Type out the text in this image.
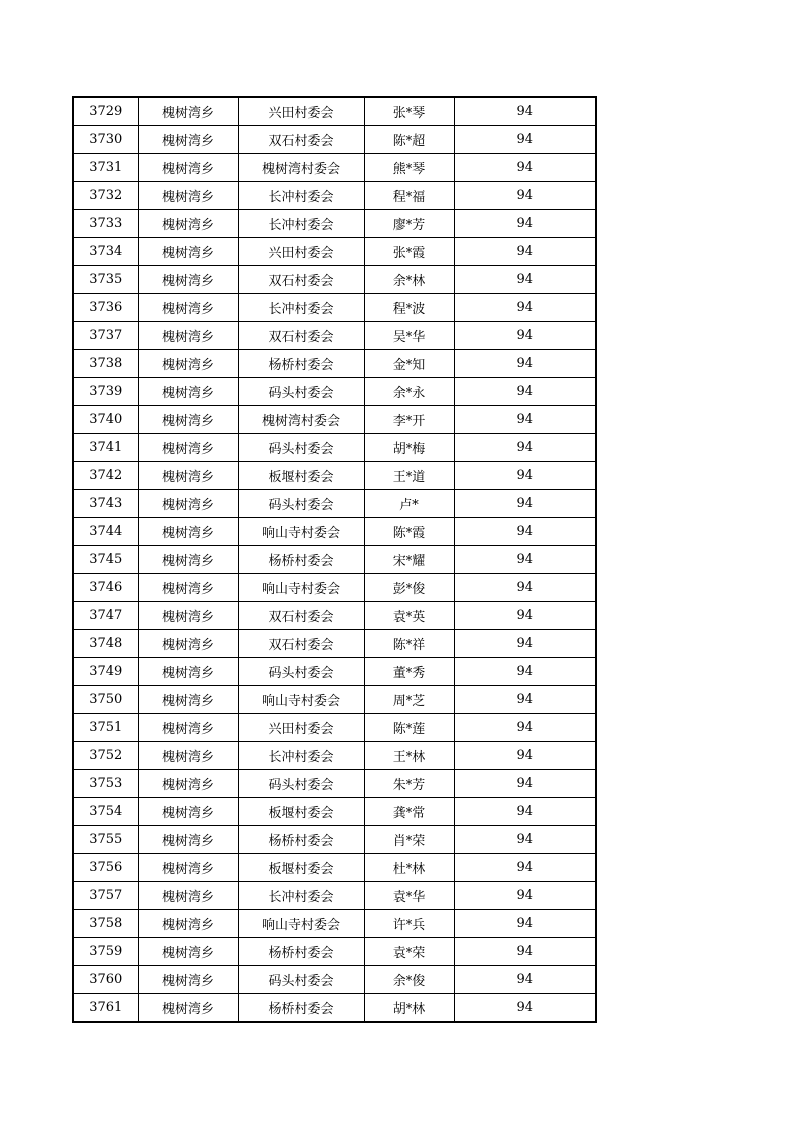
3729	槐树湾乡	兴田村委会	张*琴	94
3730	槐树湾乡	双石村委会	陈*超	94
3731	槐树湾乡	槐树湾村委会	熊*琴	94
3732	槐树湾乡	长冲村委会	程*福	94
3733	槐树湾乡	长冲村委会	廖*芳	94
3734	槐树湾乡	兴田村委会	张*霞	94
3735	槐树湾乡	双石村委会	余*林	94
3736	槐树湾乡	长冲村委会	程*波	94
3737	槐树湾乡	双石村委会	吴*华	94
3738	槐树湾乡	杨桥村委会	金*知	94
3739	槐树湾乡	码头村委会	余*永	94
3740	槐树湾乡	槐树湾村委会	李*开	94
3741	槐树湾乡	码头村委会	胡*梅	94
3742	槐树湾乡	板堰村委会	王*道	94
3743	槐树湾乡	码头村委会	卢*	94
3744	槐树湾乡	响山寺村委会	陈*霞	94
3745	槐树湾乡	杨桥村委会	宋*耀	94
3746	槐树湾乡	响山寺村委会	彭*俊	94
3747	槐树湾乡	双石村委会	袁*英	94
3748	槐树湾乡	双石村委会	陈*祥	94
3749	槐树湾乡	码头村委会	董*秀	94
3750	槐树湾乡	响山寺村委会	周*芝	94
3751	槐树湾乡	兴田村委会	陈*莲	94
3752	槐树湾乡	长冲村委会	王*林	94
3753	槐树湾乡	码头村委会	朱*芳	94
3754	槐树湾乡	板堰村委会	龚*常	94
3755	槐树湾乡	杨桥村委会	肖*荣	94
3756	槐树湾乡	板堰村委会	杜*林	94
3757	槐树湾乡	长冲村委会	袁*华	94
3758	槐树湾乡	响山寺村委会	许*兵	94
3759	槐树湾乡	杨桥村委会	袁*荣	94
3760	槐树湾乡	码头村委会	余*俊	94
3761	槐树湾乡	杨桥村委会	胡*林	94
